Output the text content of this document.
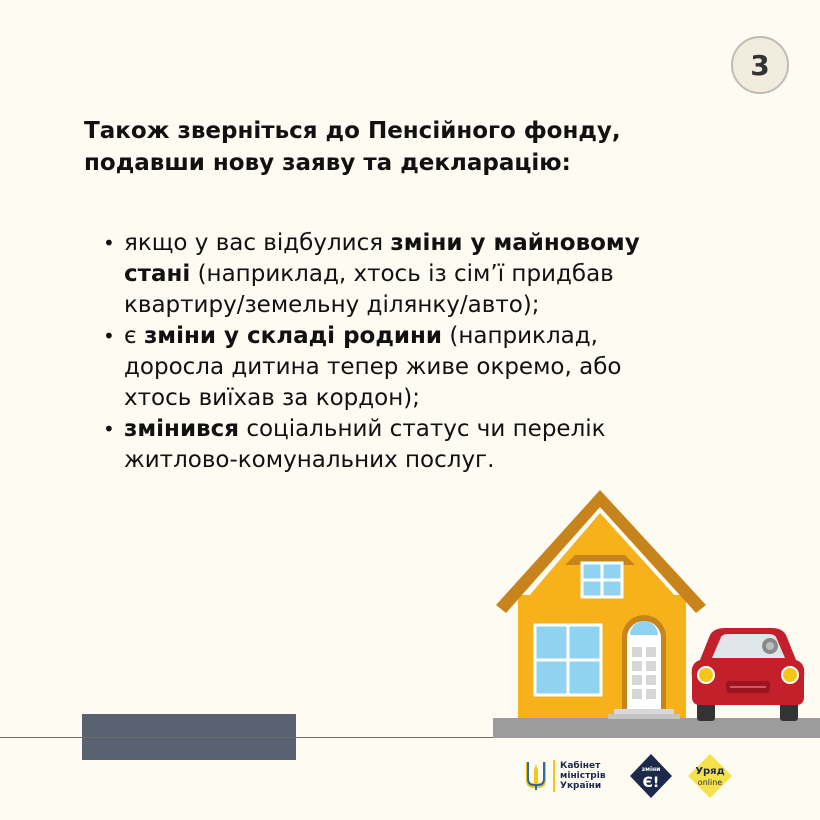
3
Також зверніться до Пенсійного фонду,
подавши нову заяву та декларацію:
• якщо у вас відбулися зміни у майновому
стані (наприклад, хтось із сім’ї придбав
квартиру/земельну ділянку/авто);
• є зміни у складі родини (наприклад,
доросла дитина тепер живе окремо, або
хтось виїхав за кордон);
• змінився соціальний статус чи перелік
житлово-комунальних послуг.
Кабінет
міністрів
України
зміни
Є!
Уряд
online
